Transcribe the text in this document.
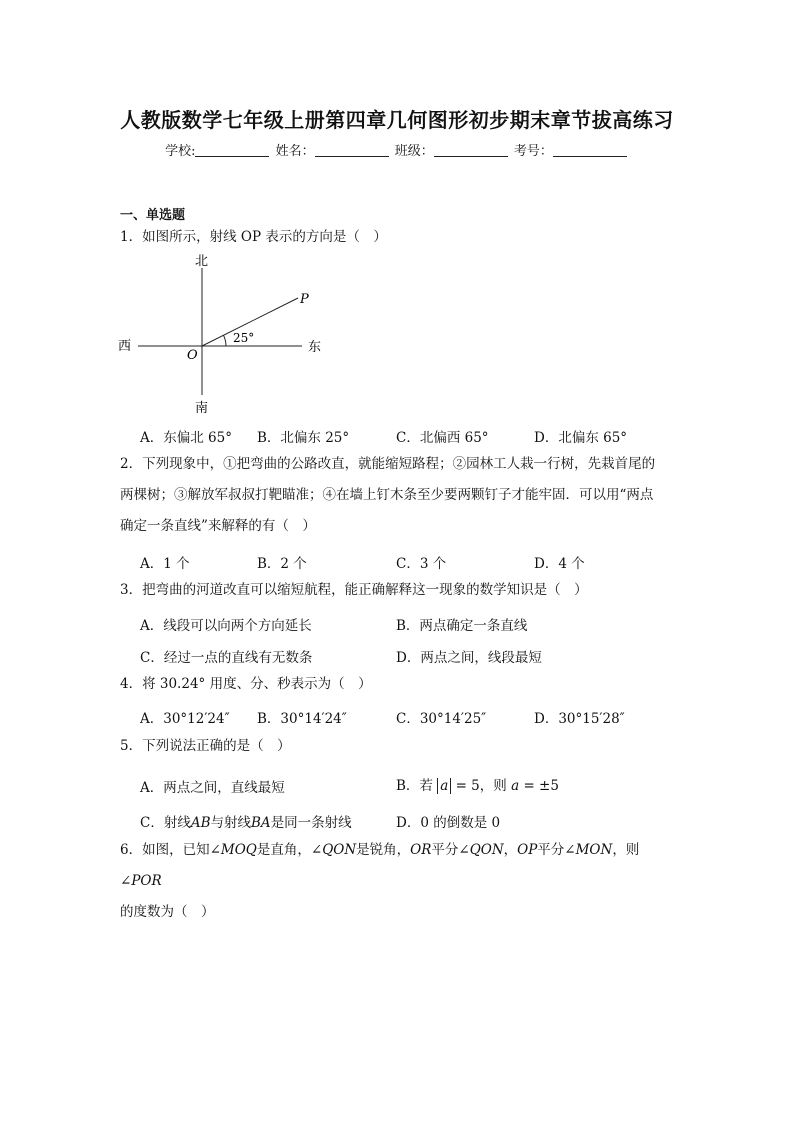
人教版数学七年级上册第四章几何图形初步期末章节拔高练习
学校:	姓名：	班级：	考号：
一、单选题
1．如图所示，射线 OP 表示的方向是（　）
北
南
西	东
O
P
25°
A．东偏北 65° B．北偏东 25°	C．北偏西 65°	D．北偏东 65°
2．下列现象中，①把弯曲的公路改直，就能缩短路程；②园林工人栽一行树，先栽首尾的
两棵树；③解放军叔叔打靶瞄准；④在墙上钉木条至少要两颗钉子才能牢固．可以用“两点
确定一条直线”来解释的有（　）
A．1 个	B．2 个	C．3 个	D．4 个
3．把弯曲的河道改直可以缩短航程，能正确解释这一现象的数学知识是（　）
A．线段可以向两个方向延长	B．两点确定一条直线
C．经过一点的直线有无数条	D．两点之间，线段最短
4．将 30.24° 用度、分、秒表示为（　）
A．30°12′24″ B．30°14′24″	C．30°14′25″	D．30°15′28″
5．下列说法正确的是（　）
A．两点之间，直线最短	B．若 a = 5，则 a = ±5
C．射线AB与射线BA是同一条射线	D．0 的倒数是 0
6．如图，已知∠MOQ是直角，∠QON是锐角，OR平分∠QON，OP平分∠MON，则∠POR
的度数为（　）
